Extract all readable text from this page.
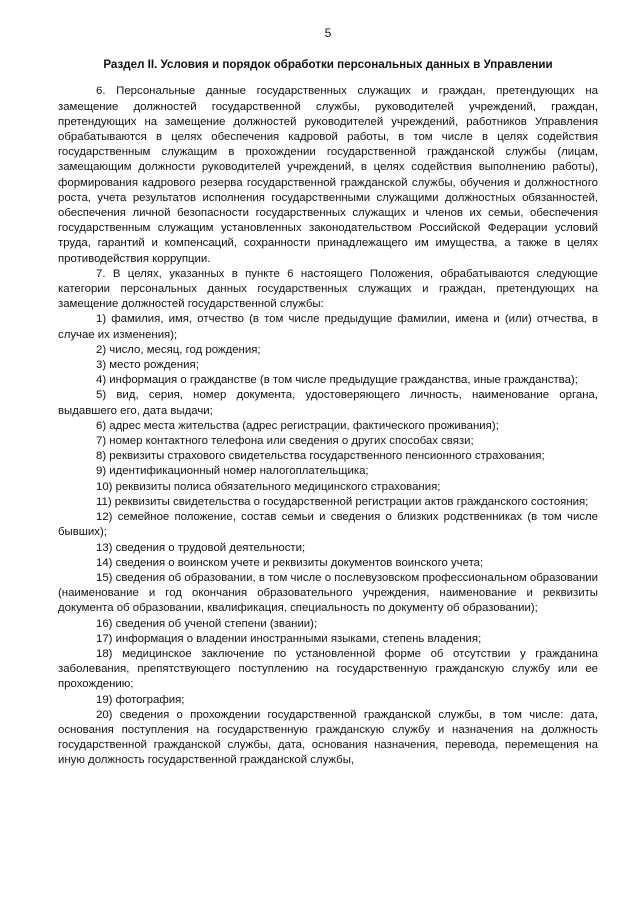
5
Раздел II. Условия и порядок обработки персональных данных в Управлении

6. Персональные данные государственных служащих и граждан, претендующих на замещение должностей государственной службы, руководителей учреждений, граждан, претендующих на замещение должностей руководителей учреждений, работников Управления обрабатываются в целях обеспечения кадровой работы, в том числе в целях содействия государственным служащим в прохождении государственной гражданской службы (лицам, замещающим должности руководителей учреждений, в целях содействия выполнению работы), формирования кадрового резерва государственной гражданской службы, обучения и должностного роста, учета результатов исполнения государственными служащими должностных обязанностей, обеспечения личной безопасности государственных служащих и членов их семьи, обеспечения государственным служащим установленных законодательством Российской Федерации условий труда, гарантий и компенсаций, сохранности принадлежащего им имущества, а также в целях противодействия коррупции.

7. В целях, указанных в пункте 6 настоящего Положения, обрабатываются следующие категории персональных данных государственных служащих и граждан, претендующих на замещение должностей государственной службы:

1) фамилия, имя, отчество (в том числе предыдущие фамилии, имена и (или) отчества, в случае их изменения);

2) число, месяц, год рождения;

3) место рождения;

4) информация о гражданстве (в том числе предыдущие гражданства, иные гражданства);

5) вид, серия, номер документа, удостоверяющего личность, наименование органа, выдавшего его, дата выдачи;

6) адрес места жительства (адрес регистрации, фактического проживания);

7) номер контактного телефона или сведения о других способах связи;

8) реквизиты страхового свидетельства государственного пенсионного страхования;

9) идентификационный номер налогоплательщика;

10) реквизиты полиса обязательного медицинского страхования;

11) реквизиты свидетельства о государственной регистрации актов гражданского состояния;

12) семейное положение, состав семьи и сведения о близких родственниках (в том числе бывших);

13) сведения о трудовой деятельности;

14) сведения о воинском учете и реквизиты документов воинского учета;

15) сведения об образовании, в том числе о послевузовском профессиональном образовании (наименование и год окончания образовательного учреждения, наименование и реквизиты документа об образовании, квалификация, специальность по документу об образовании);

16) сведения об ученой степени (звании);

17) информация о владении иностранными языками, степень владения;

18) медицинское заключение по установленной форме об отсутствии у гражданина заболевания, препятствующего поступлению на государственную гражданскую службу или ее прохождению;

19) фотография;

20) сведения о прохождении государственной гражданской службы, в том числе: дата, основания поступления на государственную гражданскую службу и назначения на должность государственной гражданской службы, дата, основания назначения, перевода, перемещения на иную должность государственной гражданской службы,
